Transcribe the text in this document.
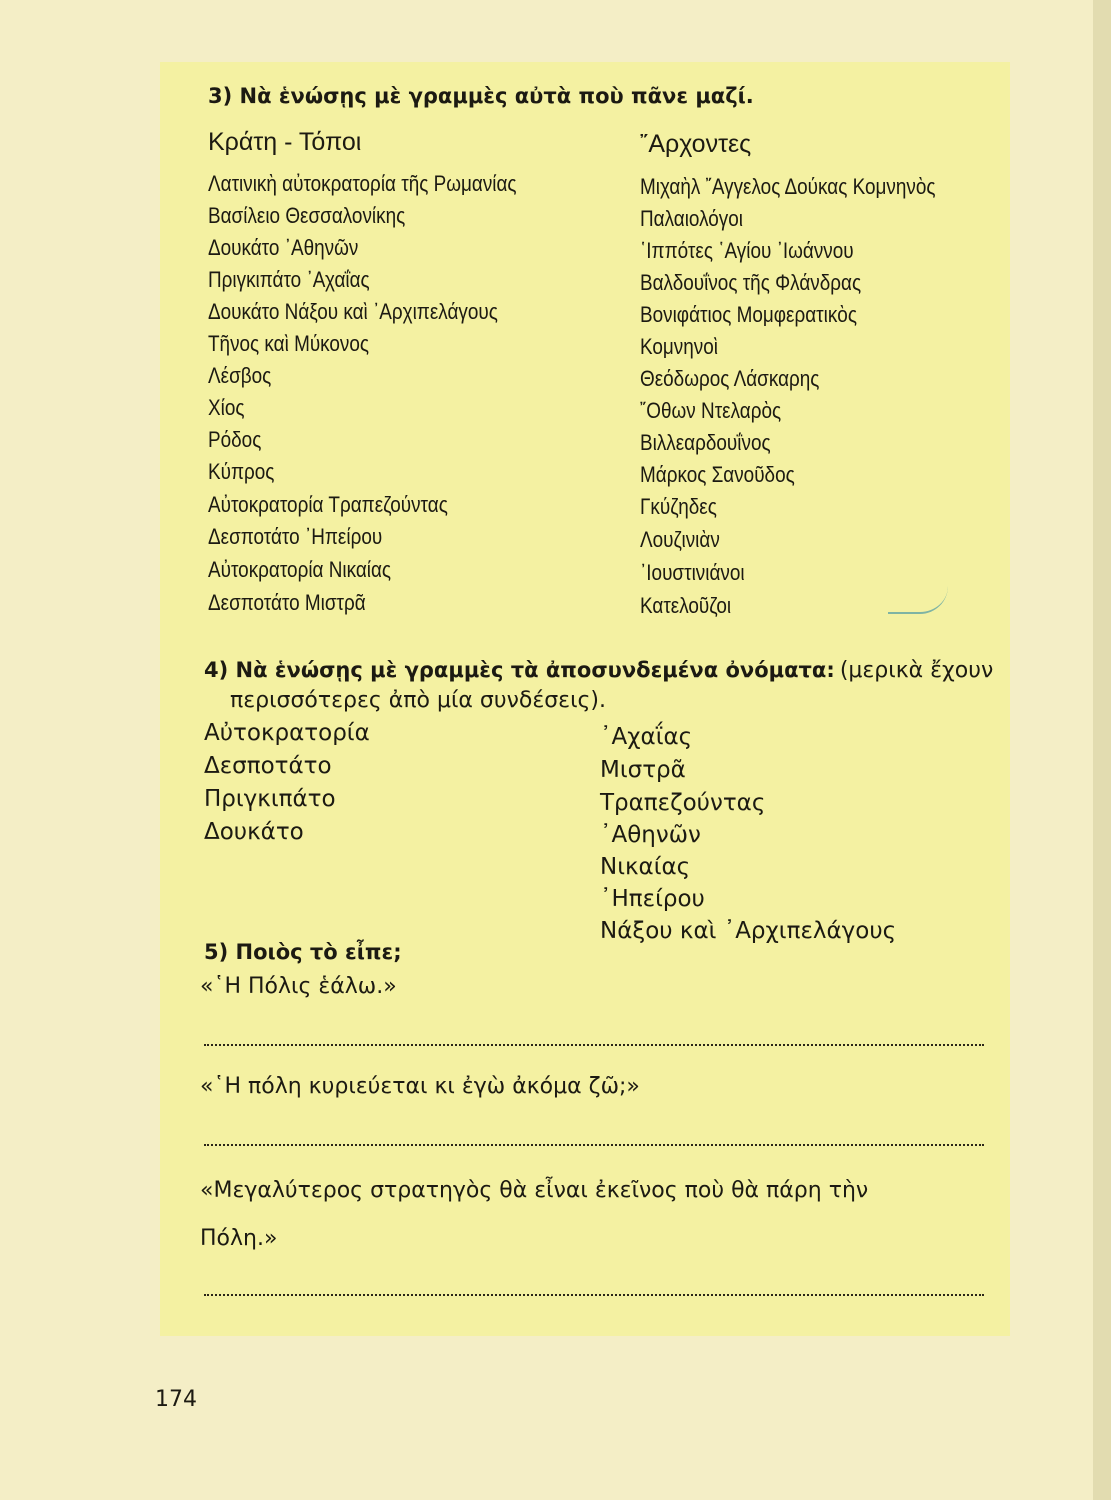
3) Νὰ ἑνώσῃς μὲ γραμμὲς αὐτὰ ποὺ πᾶνε μαζί.
Κράτη - Τόποι	῎Αρχοντες
Λατινικὴ αὐτοκρατορία τῆς Ρωμανίας
Βασίλειο Θεσσαλονίκης
Δουκάτο ᾿Αθηνῶν
Πριγκιπάτο ᾿Αχαΐας
Δουκάτο Νάξου καὶ ᾿Αρχιπελάγους
Τῆνος καὶ Μύκονος
Λέσβος
Χίος
Ρόδος
Κύπρος
Αὐτοκρατορία Τραπεζούντας
Δεσποτάτο ᾿Ηπείρου
Αὐτοκρατορία Νικαίας
Δεσποτάτο Μιστρᾶ
Μιχαὴλ ῎Αγγελος Δούκας Κομνηνὸς
Παλαιολόγοι
῾Ιππότες ῾Αγίου ᾿Ιωάννου
Βαλδουΐνος τῆς Φλάνδρας
Βονιφάτιος Μομφερατικὸς
Κομνηνοὶ
Θεόδωρος Λάσκαρης
῎Οθων Ντελαρὸς
Βιλλεαρδουΐνος
Μάρκος Σανοῦδος
Γκύζηδες
Λουζινιὰν
᾿Ιουστινιάνοι
Κατελοῦζοι
4) Νὰ ἑνώσῃς μὲ γραμμὲς τὰ ἀποσυνδεμένα ὀνόματα: (μερικὰ ἔχουν
περισσότερες ἀπὸ μία συνδέσεις).
Αὐτοκρατορία
Δεσποτάτο
Πριγκιπάτο
Δουκάτο
᾿Αχαΐας
Μιστρᾶ
Τραπεζούντας
᾿Αθηνῶν
Νικαίας
᾿Ηπείρου
Νάξου καὶ ᾿Αρχιπελάγους
5) Ποιὸς τὸ εἶπε;
«῾Η Πόλις ἑάλω.»
«῾Η πόλη κυριεύεται κι ἐγὼ ἀκόμα ζῶ;»
«Μεγαλύτερος στρατηγὸς θὰ εἶναι ἐκεῖνος ποὺ θὰ πάρη τὴν
Πόλη.»
174
